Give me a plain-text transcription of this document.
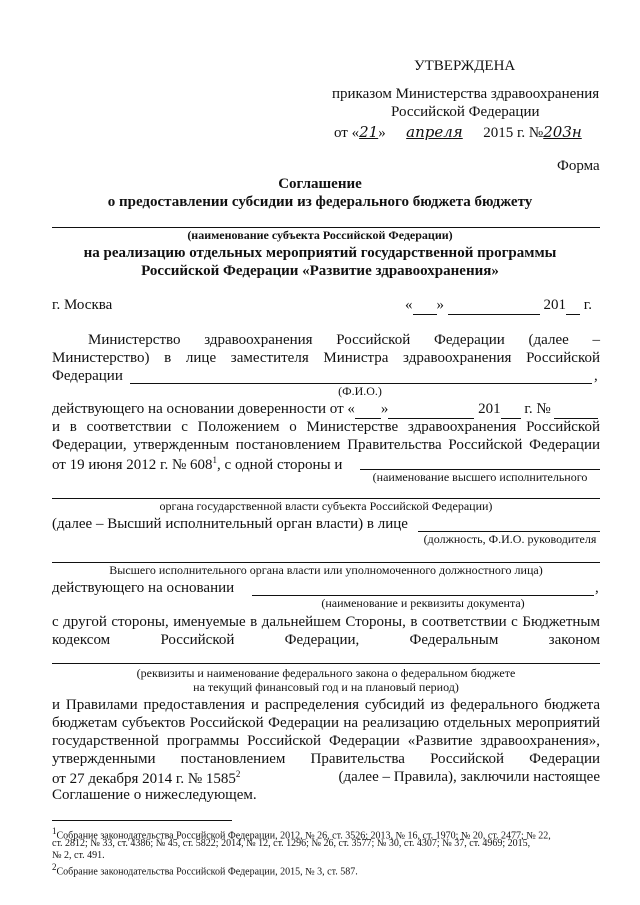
УТВЕРЖДЕНА
приказом Министерства здравоохранения
Российской Федерации
от «21» апреля 2015 г. №203н
Форма
Соглашение
о предоставлении субсидии из федерального бюджета бюджету
(наименование субъекта Российской Федерации)
на реализацию отдельных мероприятий государственной программы
Российской Федерации «Развитие здравоохранения»
г. Москва	« »	201 г.
Министерство здравоохранения Российской Федерации (далее –
Министерство) в лице заместителя Министра здравоохранения Российской
Федерации	,
(Ф.И.О.)
действующего на основании доверенности от « »	201 г. №
и в соответствии с Положением о Министерстве здравоохранения Российской
Федерации, утвержденным постановлением Правительства Российской Федерации
от 19 июня 2012 г. № $608^1$, с одной стороны и
(наименование высшего исполнительного
органа государственной власти субъекта Российской Федерации)
(далее – Высший исполнительный орган власти) в лице
(должность, Ф.И.О. руководителя
Высшего исполнительного органа власти или уполномоченного должностного лица)
действующего на основании	,
(наименование и реквизиты документа)
с другой стороны, именуемые в дальнейшем Стороны, в соответствии с Бюджетным
кодексом Российской Федерации, Федеральным законом
(реквизиты и наименование федерального закона о федеральном бюджете
на текущий финансовый год и на плановый период)
и Правилами предоставления и распределения субсидий из федерального бюджета
бюджетам субъектов Российской Федерации на реализацию отдельных мероприятий
государственной программы Российской Федерации «Развитие здравоохранения»,
утвержденными постановлением Правительства Российской Федерации
от 27 декабря 2014 г. № 1585$^2$	(далее – Правила), заключили настоящее
Соглашение о нижеследующем.
$^1$Собрание законодательства Российской Федерации, 2012, № 26, ст. 3526; 2013, № 16, ст. 1970; № 20, ст. 2477; № 22,
ст. 2812; № 33, ст. 4386; № 45, ст. 5822; 2014, № 12, ст. 1296; № 26, ст. 3577; № 30, ст. 4307; № 37, ст. 4969; 2015,
№ 2, ст. 491.
$^2$Собрание законодательства Российской Федерации, 2015, № 3, ст. 587.
